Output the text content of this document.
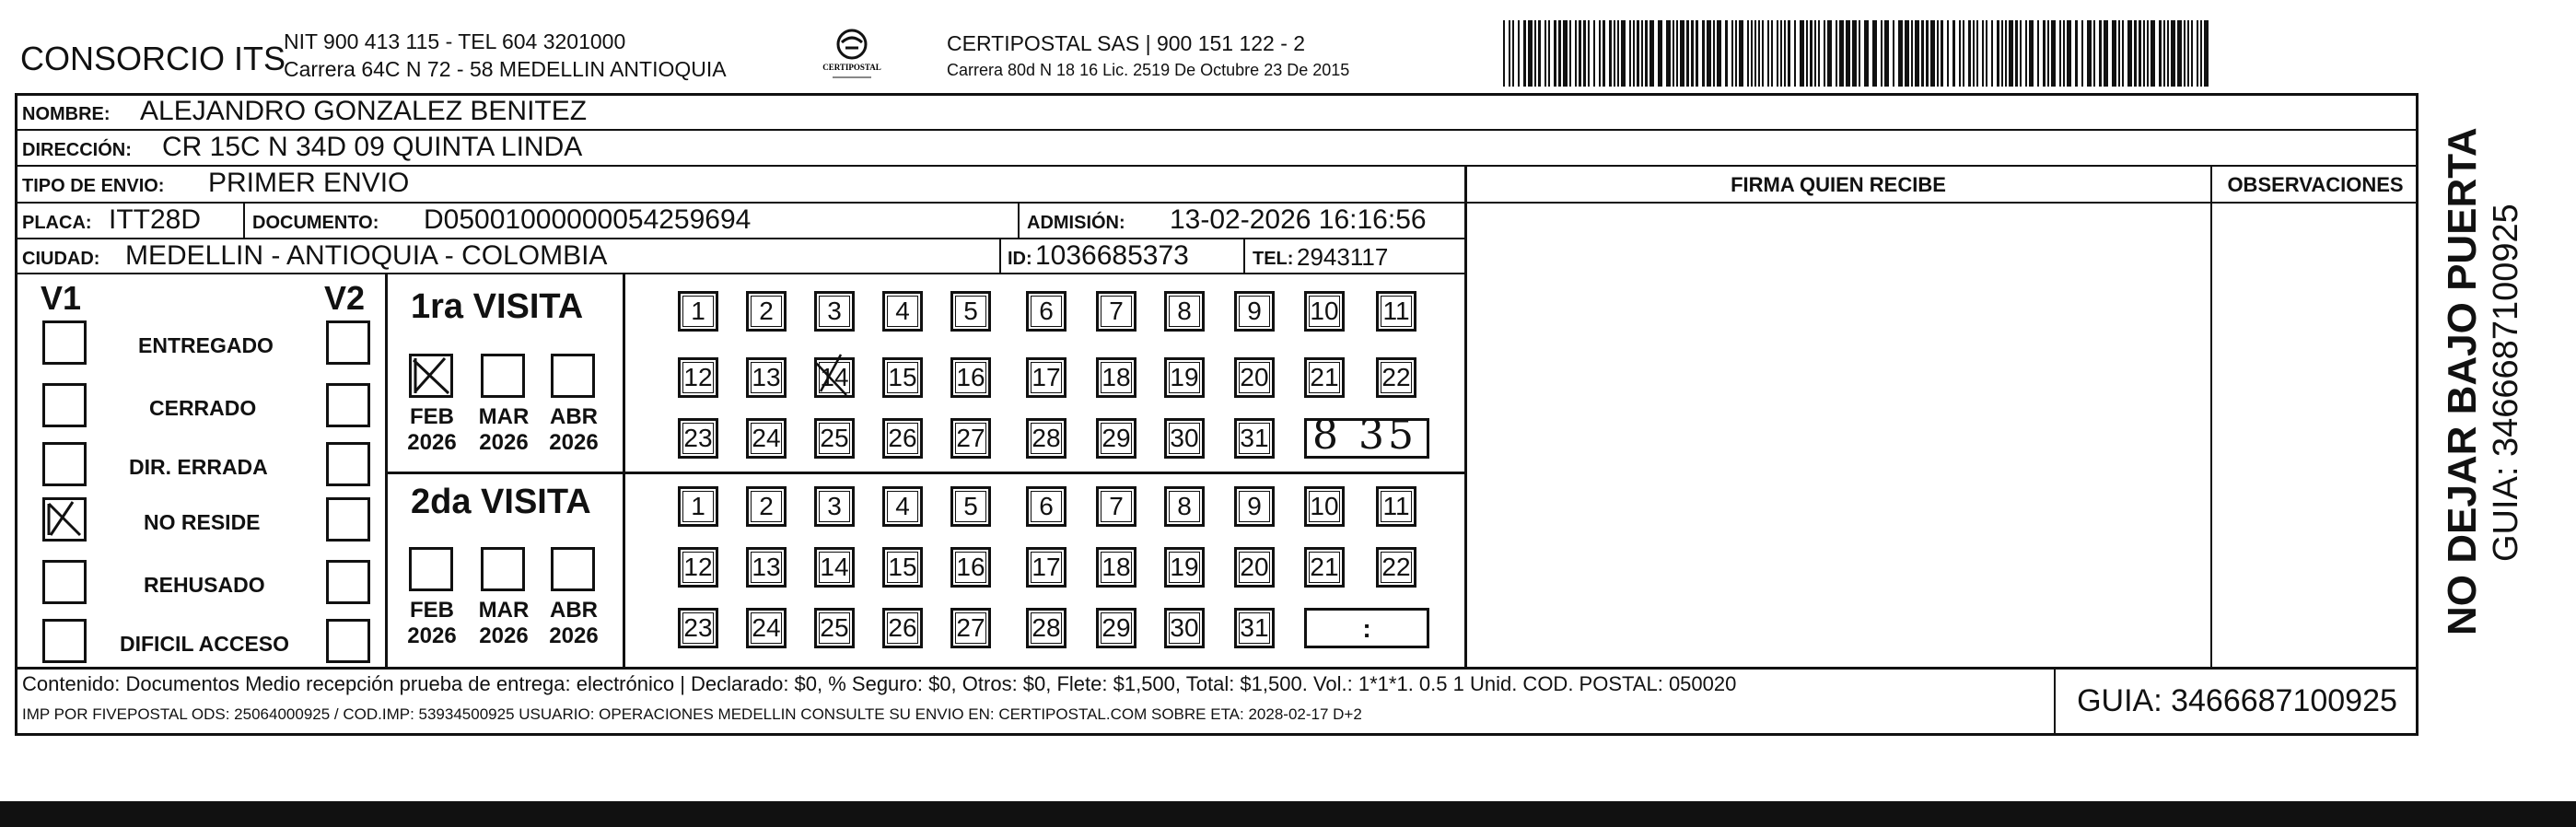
CONSORCIO ITS
NIT 900 413 115 - TEL 604 3201000
Carrera 64C N 72 - 58 MEDELLIN ANTIOQUIA	CERTIPOSTAL
CERTIPOSTAL SAS | 900 151 122 - 2
Carrera 80d N 18 16 Lic. 2519 De Octubre 23 De 2015
NOMBRE: ALEJANDRO GONZALEZ BENITEZ
DIRECCIÓN: CR 15C N 34D 09 QUINTA LINDA
TIPO DE ENVIO: PRIMER ENVIO
PLACA: ITT28D	DOCUMENTO: D05001000000054259694	ADMISIÓN: 13-02-2026 16:16:56
CIUDAD: MEDELLIN - ANTIOQUIA - COLOMBIA	ID: 1036685373	TEL: 2943117
FIRMA QUIEN RECIBE	OBSERVACIONES
V1	V2 1ra VISITA
FEB
2026
MAR
2026
ABR
2026
1	2	3	4	5	6	7	8	9	10 11
12 13 14 15 16 17 18 19 20 21 22
23 24 25 26 27 28 29 30 31 8 35
2da VISITA
FEB
2026
MAR
2026
ABR
2026
1	2	3	4	5	6	7	8	9	10 11
12 13 14 15 16 17 18 19 20 21 22
23 24 25 26 27 28 29 30 31	:
Contenido: Documentos Medio recepción prueba de entrega: electrónico | Declarado: $0, % Seguro: $0, Otros: $0, Flete: $1,500, Total: $1,500. Vol.: 1*1*1. 0.5 1 Unid. COD. POSTAL: 050020
IMP POR FIVEPOSTAL ODS: 25064000925 / COD.IMP: 53934500925 USUARIO: OPERACIONES MEDELLIN CONSULTE SU ENVIO EN: CERTIPOSTAL.COM SOBRE ETA: 2028-02-17 D+2	GUIA: 3466687100925
NO DEJAR BAJO PUERTA GUIA: 3466687100925
ENTREGADO
CERRADO
DIR. ERRADA
NO RESIDE
REHUSADO
DIFICIL ACCESO
